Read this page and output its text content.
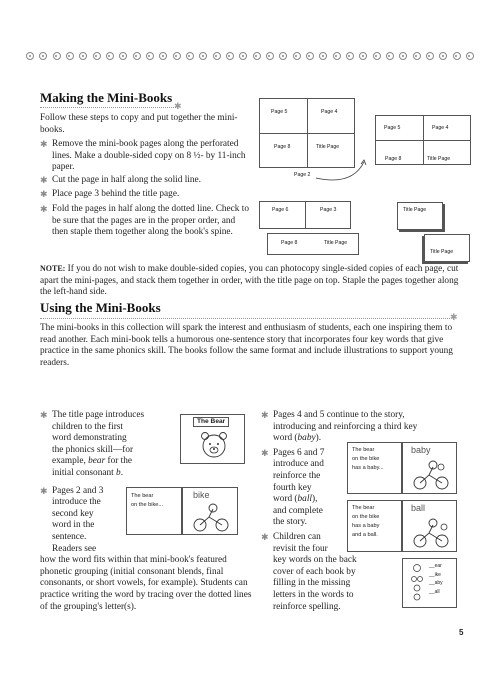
Making the Mini-Books
✱

Follow these steps to copy and put together the mini-books.

✱ Remove the mini-book pages along the perforated lines. Make a double-sided copy on 8 ½- by 11-inch paper.
✱ Cut the page in half along the solid line.
✱ Place page 3 behind the title page.
✱ Fold the pages in half along the dotted line. Check to be sure that the pages are in the proper order, and then staple them together along the book's spine.

NOTE: If you do not wish to make double-sided copies, you can photocopy single-sided copies of each page, cut apart the mini-pages, and stack them together in order, with the title page on top. Staple the pages together along the left-hand side.

Page 5	Page 4
Page 8	Title Page
Page 2
Page 5	Page 4
Page 8	Title Page
Page 6	Page 3
Page 8	Title Page
Title Page
Title Page
Using the Mini-Books
✱

The mini-books in this collection will spark the interest and enthusiasm of students, each one inspiring them to read another. Each mini-book tells a humorous one-sentence story that incorporates four key words that give practice in the same phonics skill. The books follow the same format and include illustrations to support young readers.

✱ The title page introduces
children to the first
word demonstrating
the phonics skill—for
example, bear for the
initial consonant b.
✱ Pages 2 and 3
introduce the
second key
word in the
sentence.
Readers see
how the word fits within that mini-book's featured phonetic grouping (initial consonant blends, final consonants, or short vowels, for example). Students can practice writing the word by tracing over the dotted lines of the grouping's letter(s).
The Bear
The bear
on the bike...
bike
✱ Pages 4 and 5 continue to the story,
introducing and reinforcing a third key
word (baby).
✱ Pages 6 and 7
introduce and
reinforce the
fourth key
word (ball),
and complete
the story.
✱ Children can
revisit the four
key words on the back
cover of each book by
filling in the missing
letters in the words to
reinforce spelling.
The bear
on the bike
has a baby...
baby
The bear
on the bike
has a baby
and a ball.
ball
__ear
__ike
__aby
__all
5
